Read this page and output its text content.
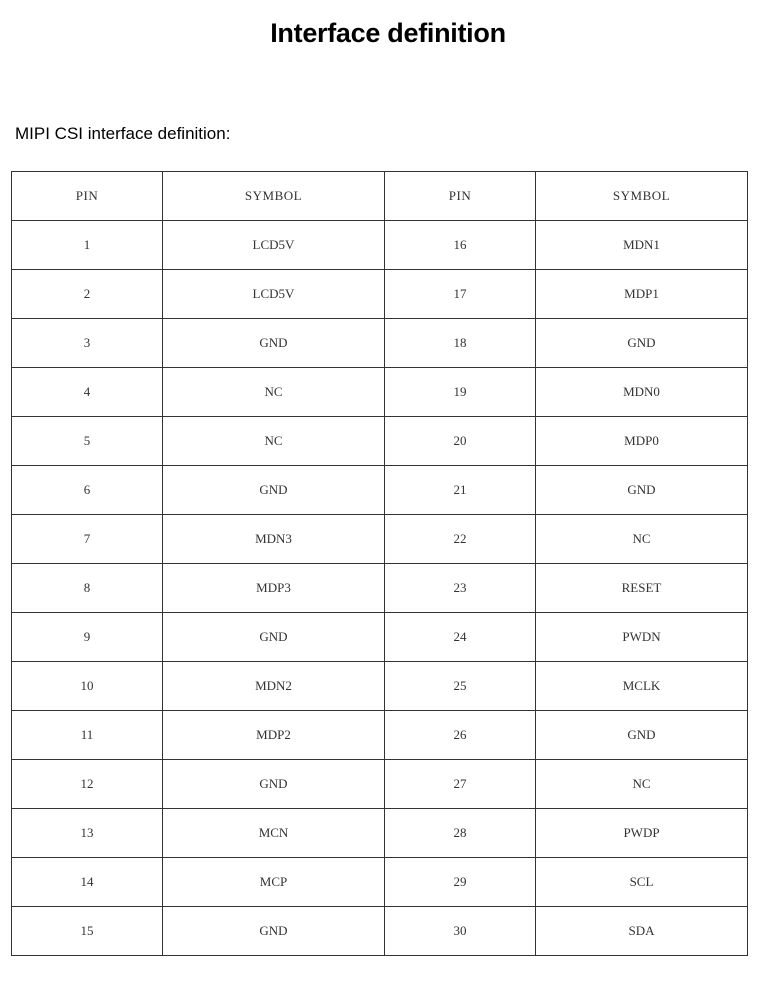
Interface definition
MIPI CSI interface definition:
PIN	SYMBOL	PIN	SYMBOL
1	LCD5V	16	MDN1
2	LCD5V	17	MDP1
3	GND	18	GND
4	NC	19	MDN0
5	NC	20	MDP0
6	GND	21	GND
7	MDN3	22	NC
8	MDP3	23	RESET
9	GND	24	PWDN
10	MDN2	25	MCLK
11	MDP2	26	GND
12	GND	27	NC
13	MCN	28	PWDP
14	MCP	29	SCL
15	GND	30	SDA
